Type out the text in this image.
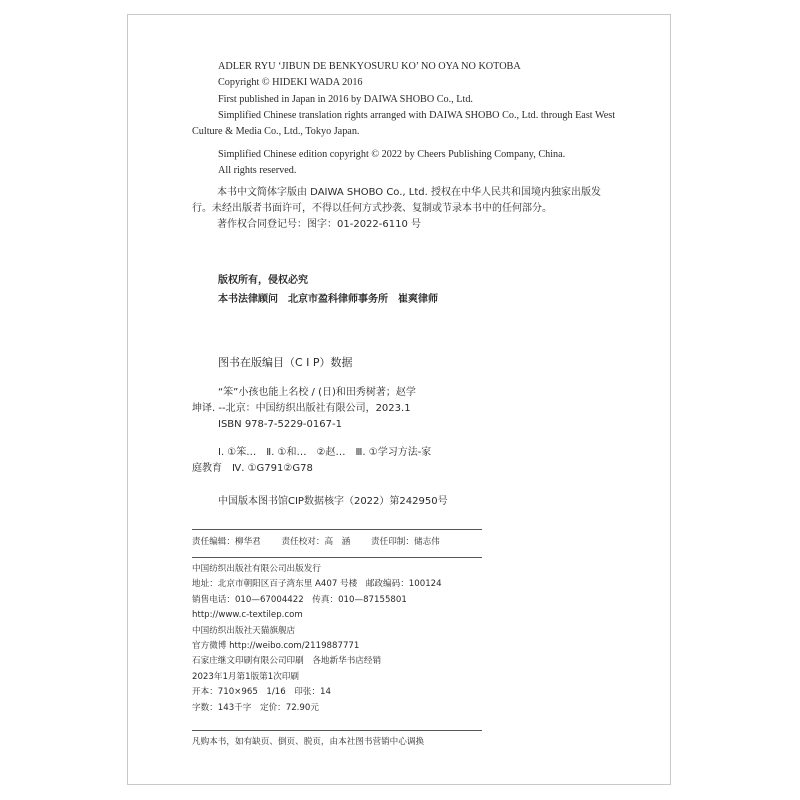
ADLER RYU ‘JIBUN DE BENKYOSURU KO’ NO OYA NO KOTOBA

Copyright © HIDEKI WADA 2016

First published in Japan in 2016 by DAIWA SHOBO Co., Ltd.

Simplified Chinese translation rights arranged with DAIWA SHOBO Co., Ltd. through East West

Culture & Media Co., Ltd., Tokyo Japan.

Simplified Chinese edition copyright © 2022 by Cheers Publishing Company, China.

All rights reserved.

本书中文简体字版由 DAIWA SHOBO Co., Ltd. 授权在中华人民共和国境内独家出版发

行。未经出版者书面许可，不得以任何方式抄袭、复制或节录本书中的任何部分。

著作权合同登记号：图字：01-2022-6110 号

版权所有，侵权必究

本书法律顾问　北京市盈科律师事务所　崔爽律师

图书在版编目（C I P）数据

“笨”小孩也能上名校 / (日)和田秀树著；赵学

坤译. --北京：中国纺织出版社有限公司，2023.1

ISBN 978-7-5229-0167-1

Ⅰ. ①笨…　Ⅱ. ①和…　②赵…　Ⅲ. ①学习方法-家

庭教育　Ⅳ. ①G791②G78

中国版本图书馆CIP数据核字（2022）第242950号

责任编辑：柳华君 责任校对：高　涵 责任印制：储志伟

中国纺织出版社有限公司出版发行

地址：北京市朝阳区百子湾东里 A407 号楼　邮政编码：100124

销售电话：010—67004422　传真：010—87155801

http://www.c-textilep.com

中国纺织出版社天猫旗舰店

官方微博 http://weibo.com/2119887771

石家庄继文印刷有限公司印刷　各地新华书店经销

2023年1月第1版第1次印刷

开本：710×965　1/16　印张：14

字数：143千字　定价：72.90元

凡购本书，如有缺页、倒页、脱页，由本社图书营销中心调换
